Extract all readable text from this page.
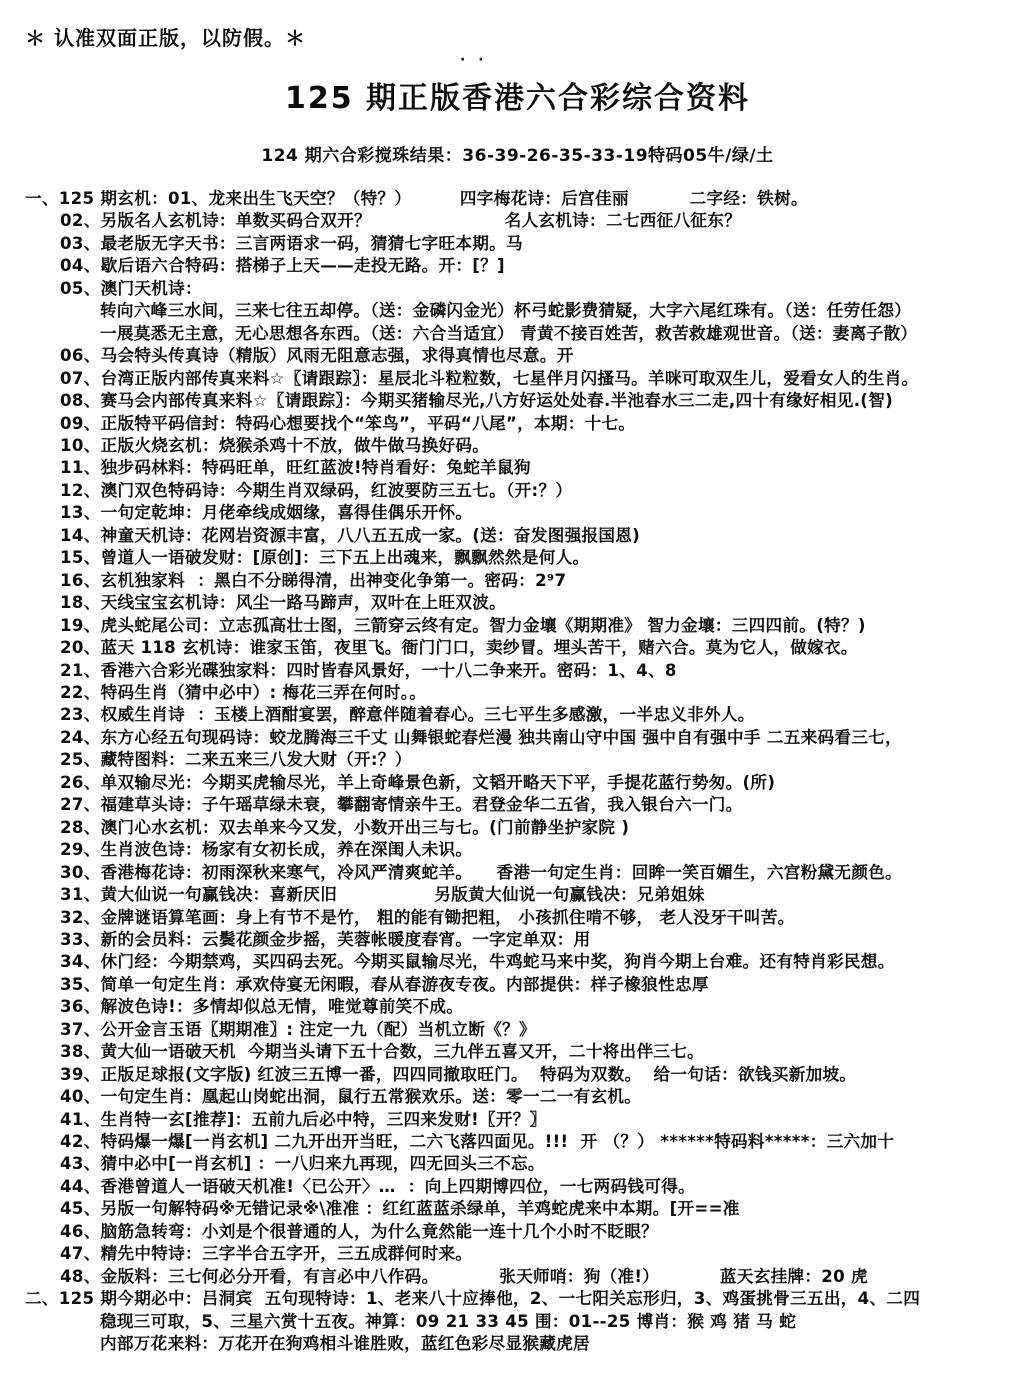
＊ 认准双面正版，以防假。＊
· ·
125 期正版香港六合彩综合资料
124 期六合彩搅珠结果：36-39-26-35-33-19特码05牛/绿/土
一、125 期玄机：01、龙来出生飞天空？（特？）        四字梅花诗：后宫佳丽          二字经：铁树。
02、另版名人玄机诗：单数买码合双开？                      名人玄机诗：二七西征八征东？
03、最老版无字天书：三言两语求一码，猜猜七字旺本期。马
04、歇后语六合特码：搭梯子上天——走投无路。开：[？]
05、澳门天机诗：
转向六峰三水间，三来七往五却停。（送：金磷闪金光）杯弓蛇影费猜疑，大字六尾红珠有。（送：任劳任怨）
一展莫悉无主意，无心思想各东西。（送：六合当适宜） 青黄不接百姓苦，救苦救雄观世音。（送：妻离子散）
06、马会特头传真诗（精版）风雨无阻意志强，求得真情也尽意。开
07、台湾正版内部传真来料☆〖请跟踪〗：星辰北斗粒粒数，七星伴月闪搔马。羊咪可取双生儿，爱看女人的生肖。
08、赛马会内部传真来料☆〖请跟踪〗：今期买猪输尽光,八方好运处处春.半池春水三二走,四十有缘好相见.(智)
09、正版特平码信封：特码心想要找个“笨鸟”，平码“八尾”，本期：十七。
10、正版火烧玄机：烧猴杀鸡十不放，做牛做马换好码。
11、独步码林料：特码旺单，旺红蓝波!特肖看好：兔蛇羊鼠狗
12、澳门双色特码诗：今期生肖双绿码，红波要防三五七。（开:？）
13、一句定乾坤：月佬牵线成姻缘，喜得佳偶乐开怀。
14、神童天机诗：花网岩资源丰富，八八五五成一家。(送：奋发图强报国恩)
15、曾道人一语破发财：[原创]：三下五上出魂来，飘飘然然是何人。
16、玄机独家料  ：黑白不分睇得清，出神变化争第一。密码：2⁹7
18、天线宝宝玄机诗：风尘一路马蹄声，双叶在上旺双波。
19、虎头蛇尾公司：立志孤高壮士图，三箭穿云终有定。智力金壤《期期准》 智力金壤：三四四前。(特？)
20、蓝天 118 玄机诗：谁家玉笛，夜里飞。衙门门口，卖纱冒。埋头苦干，赌六合。莫为它人，做嫁衣。
21、香港六合彩光碟独家料：四时皆春风景好，一十八二争来开。密码：1、4、8
22、特码生肖（猜中必中）: 梅花三弄在何时。。
23、权威生肖诗  ：玉楼上酒酣宴罢，醉意伴随着春心。三七平生多感激，一半忠义非外人。
24、东方心经五句现码诗：蛟龙腾海三千丈 山舞银蛇春烂漫 独共南山守中国 强中自有强中手 二五来码看三七，
25、藏特图料：二来五来三八发大财（开:？）
26、单双输尽光：今期买虎输尽光，羊上奇峰景色新，文韬开略天下平，手提花蓝行势匆。(所)
27、福建草头诗：子午瑶草绿未衰，攀翻寄情亲牛王。君登金华二五省，我入银台六一门。
28、澳门心水玄机：双去单来今又发，小数开出三与七。(门前静坐护家院 )
29、生肖波色诗：杨家有女初长成，养在深闺人未识。
30、香港梅花诗：初雨深秋来寒气，冷风严清爽蛇羊。    香港一句定生肖：回眸一笑百媚生，六宫粉黛无颜色。
31、黄大仙说一句赢钱决：喜新厌旧                另版黄大仙说一句赢钱决：兄弟姐妹
32、金牌谜语算笔画：身上有节不是竹， 粗的能有锄把粗， 小孩抓住啃不够， 老人没牙干叫苦。
33、新的会员料：云鬓花颜金步摇，芙蓉帐暖度春宵。一字定单双：用
34、休门经：今期禁鸡，买四码去死。今期买鼠输尽光，牛鸡蛇马来中奖，狗肖今期上台难。还有特肖彩民想。
35、简单一句定生肖：承欢侍宴无闲暇，春从春游夜专夜。内部提供：样子橡狼性忠厚
36、解波色诗!：多情却似总无情，唯觉尊前笑不成。
37、公开金言玉语〖期期准〗: 注定一九（配）当机立断《？》
38、黄大仙一语破天机  今期当头请下五十合数，三九伴五喜又开，二十将出伴三七。
39、正版足球报(文字版) 红波三五博一番，四四同撤取旺门。  特码为双数。  给一句话：欲钱买新加坡。
40、一句定生肖：凰起山岗蛇出洞，鼠行五常猴欢乐。送：零一二一有玄机。
41、生肖特一玄[推荐]：五前九后必中特，三四来发财!〖开？〗
42、特码爆一爆[一肖玄机] 二九开出开当旺，二六飞落四面见。!!!  开 （？） ******特码料*****：三六加十
43、猜中必中[一肖玄机] ：一八归来九再现，四无回头三不忘。
44、香港曾道人一语破天机准!〈已公开〉…  ：向上四期博四位，一七两码钱可得。
45、另版一句解特码※无错记录※\准准 ：红红蓝蓝杀绿单，羊鸡蛇虎来中本期。[开==准
46、脑筋急转弯：小刘是个很普通的人，为什么竟然能一连十几个小时不眨眼？
47、精先中特诗：三字半合五字开，三五成群何时来。
48、金版料：三七何必分开看，有言必中八作码。          张天师哨：狗（准!）          蓝天玄挂牌：20 虎
二、125 期今期必中：吕洞宾  五句现特诗：1、老来八十应捧他，2、一七阳关忘形归，3、鸡蛋挑骨三五出，4、二四
稳现三可取，5、三星六赏十五夜。神算：09 21 33 45 围：01--25 博肖：猴 鸡 猪 马 蛇
内部万花来料：万花开在狗鸡相斗谁胜败，蓝红色彩尽显猴藏虎居
